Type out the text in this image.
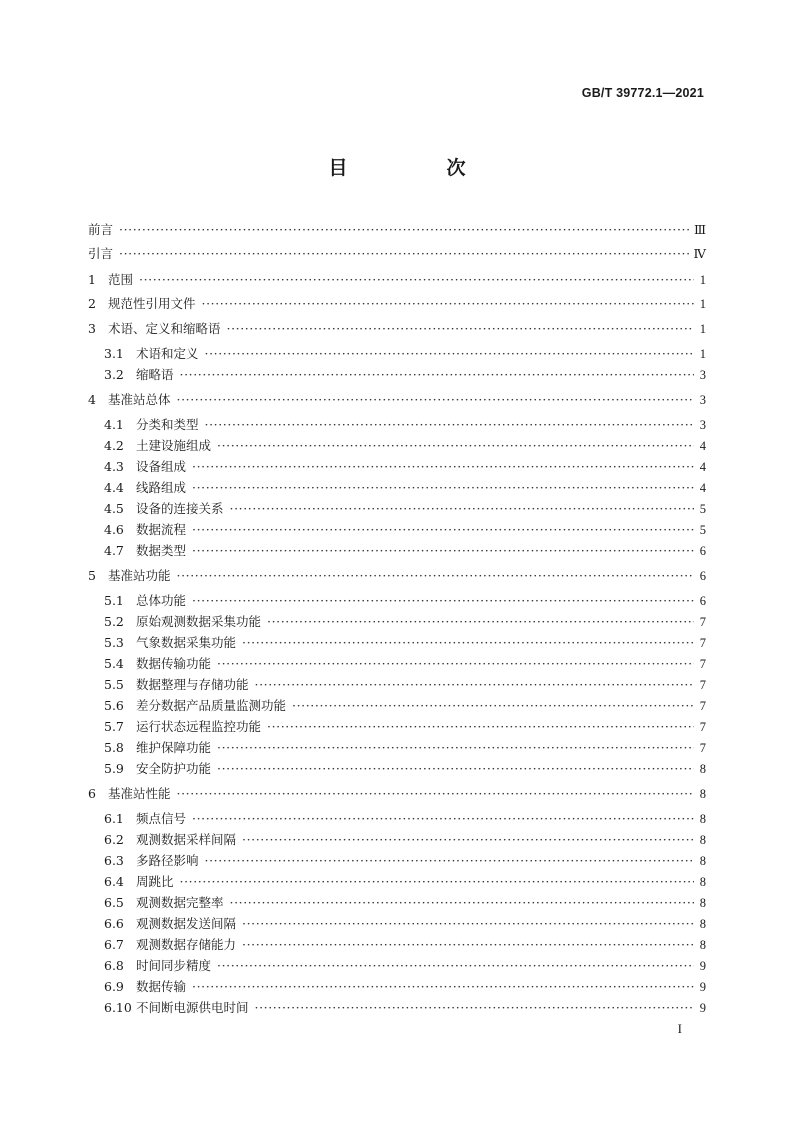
GB/T 39772.1—2021
目　次
前言 ·····	Ⅲ
引言 ·····	Ⅳ
1 范围 ·····	1
2 规范性引用文件 ·····	1
3 术语、定义和缩略语 ·····	1
3.1 术语和定义 ·····	1
3.2 缩略语 ·····	3
4 基准站总体 ·····	3
4.1 分类和类型 ·····	3
4.2 土建设施组成 ·····	4
4.3 设备组成 ·····	4
4.4 线路组成 ·····	4
4.5 设备的连接关系 ·····	5
4.6 数据流程 ·····	5
4.7 数据类型 ·····	6
5 基准站功能 ·····	6
5.1 总体功能 ·····	6
5.2 原始观测数据采集功能 ·····	7
5.3 气象数据采集功能 ·····	7
5.4 数据传输功能 ·····	7
5.5 数据整理与存储功能 ·····	7
5.6 差分数据产品质量监测功能 ·····	7
5.7 运行状态远程监控功能 ·····	7
5.8 维护保障功能 ·····	7
5.9 安全防护功能 ·····	8
6 基准站性能 ·····	8
6.1 频点信号 ·····	8
6.2 观测数据采样间隔 ·····	8
6.3 多路径影响 ·····	8
6.4 周跳比 ·····	8
6.5 观测数据完整率 ·····	8
6.6 观测数据发送间隔 ·····	8
6.7 观测数据存储能力 ·····	8
6.8 时间同步精度 ·····	9
6.9 数据传输 ·····	9
6.10 不间断电源供电时间 ·····	9
I
